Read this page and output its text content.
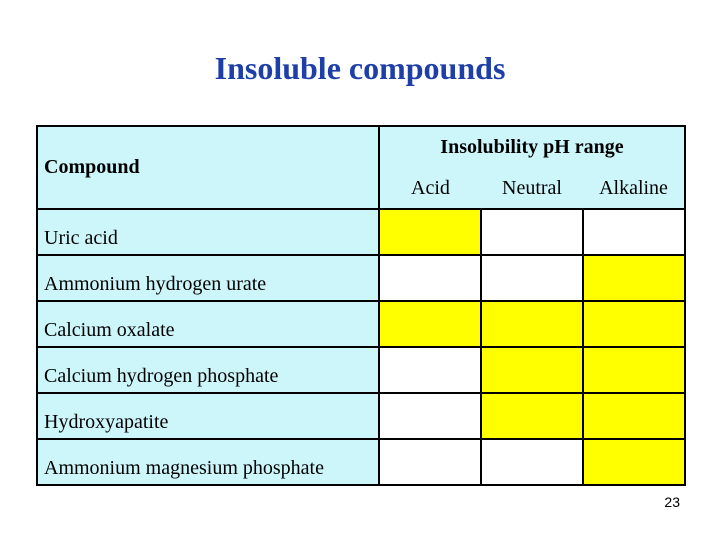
Insoluble compounds
Compound	Insolubility pH range		
	Acid	Neutral	Alkaline
Uric acid			
Ammonium hydrogen urate			
Calcium oxalate			
Calcium hydrogen phosphate			
Hydroxyapatite			
Ammonium magnesium phosphate			
23
